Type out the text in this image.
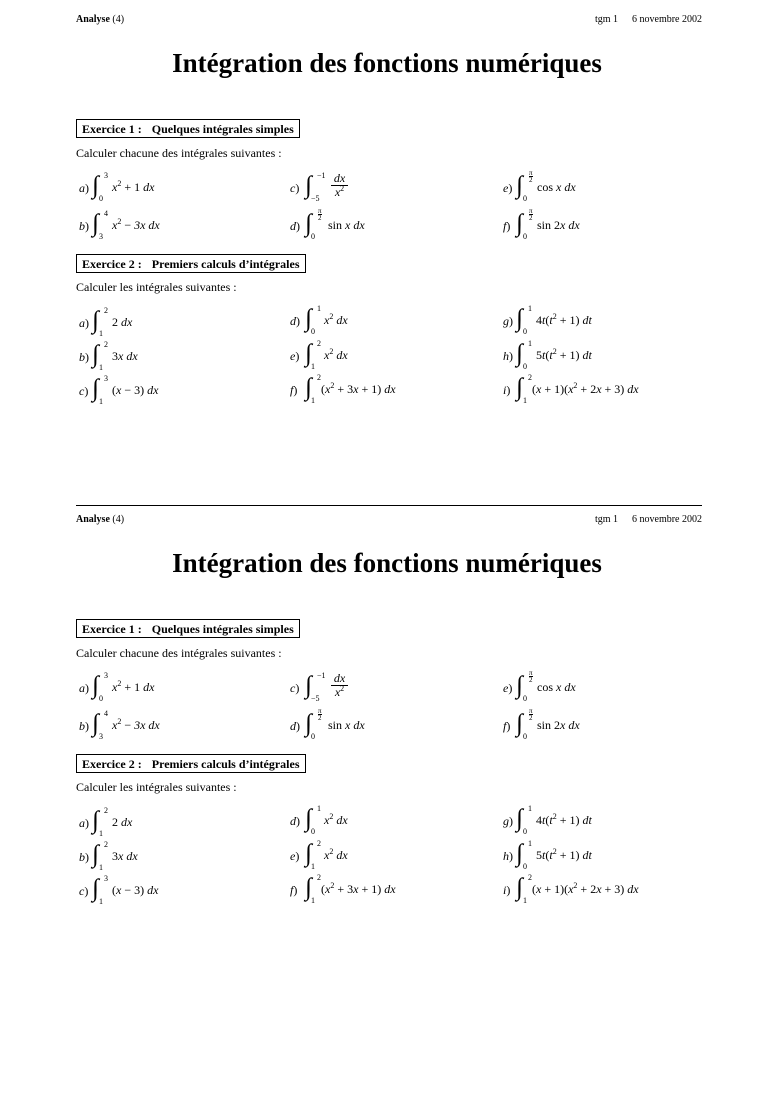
Analyse (4)	tgm 1 6 novembre 2002
Intégration des fonctions numériques
Exercice 1 : Quelques intégrales simples
Calculer chacune des intégrales suivantes :
Exercice 2 : Premiers calculs d’intégrales
Calculer les intégrales suivantes :
a) ∫ 3
0
$x^2 + 1$ dx
b) ∫ 4
3
$x^2 - 3x$ dx
c) ∫ −1
−5
dx
$x^2$
d) ∫ π
2
0
sin x dx
e) ∫ π
2
0
cos x dx
f) ∫ π
2
0
sin 2x dx
a) ∫ 2
1
2 dx
b) ∫ 2
1
3x dx
c) ∫ 3
1
(x − 3) dx
d) ∫ 1
0
$x^2$ dx
e) ∫ 2
1
$x^2$ dx
f) ∫ 2
1
$(x^2 + 3x + 1)$ dx
g) ∫ 1
0
$4t(t^2 + 1)$ dt
h) ∫ 1
0
$5t(t^2 + 1)$ dt
i) ∫ 2
1
$(x + 1)(x^2 + 2x + 3)$ dx
Analyse (4)	tgm 1 6 novembre 2002
Intégration des fonctions numériques
Exercice 1 : Quelques intégrales simples
Calculer chacune des intégrales suivantes :
Exercice 2 : Premiers calculs d’intégrales
Calculer les intégrales suivantes :
a) ∫ 3
0
$x^2 + 1$ dx
b) ∫ 4
3
$x^2 - 3x$ dx
c) ∫ −1
−5
dx
$x^2$
d) ∫ π
2
0
sin x dx
e) ∫ π
2
0
cos x dx
f) ∫ π
2
0
sin 2x dx
a) ∫ 2
1
2 dx
b) ∫ 2
1
3x dx
c) ∫ 3
1
(x − 3) dx
d) ∫ 1
0
$x^2$ dx
e) ∫ 2
1
$x^2$ dx
f) ∫ 2
1
$(x^2 + 3x + 1)$ dx
g) ∫ 1
0
$4t(t^2 + 1)$ dt
h) ∫ 1
0
$5t(t^2 + 1)$ dt
i) ∫ 2
1
$(x + 1)(x^2 + 2x + 3)$ dx
